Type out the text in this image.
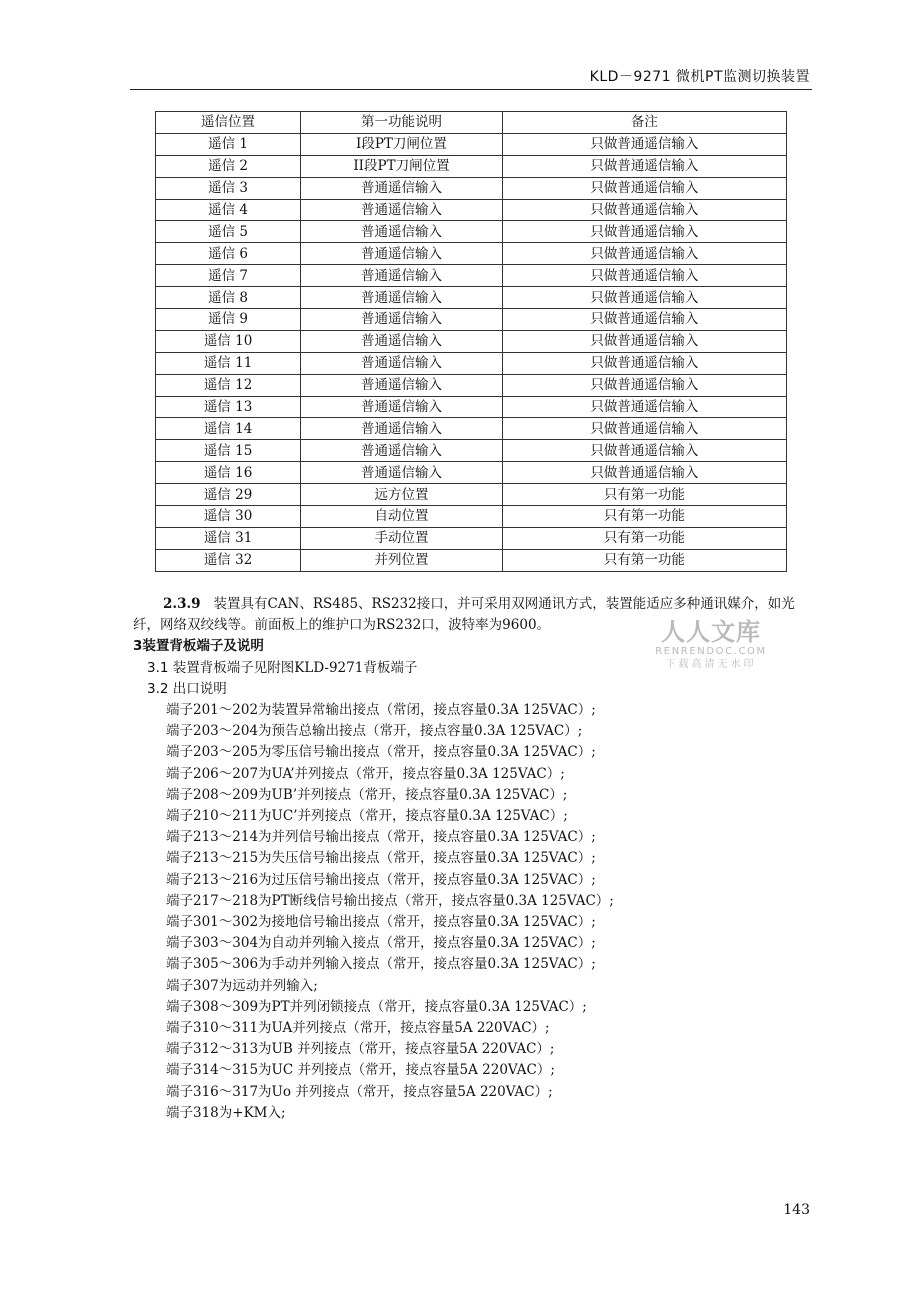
KLD－9271 微机PT监测切换装置
遥信位置	第一功能说明	备注
遥信 1	I段PT刀闸位置	只做普通遥信输入
遥信 2	II段PT刀闸位置	只做普通遥信输入
遥信 3	普通遥信输入	只做普通遥信输入
遥信 4	普通遥信输入	只做普通遥信输入
遥信 5	普通遥信输入	只做普通遥信输入
遥信 6	普通遥信输入	只做普通遥信输入
遥信 7	普通遥信输入	只做普通遥信输入
遥信 8	普通遥信输入	只做普通遥信输入
遥信 9	普通遥信输入	只做普通遥信输入
遥信 10	普通遥信输入	只做普通遥信输入
遥信 11	普通遥信输入	只做普通遥信输入
遥信 12	普通遥信输入	只做普通遥信输入
遥信 13	普通遥信输入	只做普通遥信输入
遥信 14	普通遥信输入	只做普通遥信输入
遥信 15	普通遥信输入	只做普通遥信输入
遥信 16	普通遥信输入	只做普通遥信输入
遥信 29	远方位置	只有第一功能
遥信 30	自动位置	只有第一功能
遥信 31	手动位置	只有第一功能
遥信 32	并列位置	只有第一功能

2.3.9 装置具有CAN、RS485、RS232接口，并可采用双网通讯方式，装置能适应多种通讯媒介，如光纤，网络双绞线等。前面板上的维护口为RS232口，波特率为9600。

3装置背板端子及说明

3.1 装置背板端子见附图KLD-9271背板端子

3.2 出口说明

端子201～202为装置异常输出接点（常闭，接点容量0.3A 125VAC）;

端子203～204为预告总输出接点（常开，接点容量0.3A 125VAC）;

端子203～205为零压信号输出接点（常开，接点容量0.3A 125VAC）;

端子206～207为UA’并列接点（常开，接点容量0.3A 125VAC）;

端子208～209为UB’并列接点（常开，接点容量0.3A 125VAC）;

端子210～211为UC’并列接点（常开，接点容量0.3A 125VAC）;

端子213～214为并列信号输出接点（常开，接点容量0.3A 125VAC）;

端子213～215为失压信号输出接点（常开，接点容量0.3A 125VAC）;

端子213～216为过压信号输出接点（常开，接点容量0.3A 125VAC）;

端子217～218为PT断线信号输出接点（常开，接点容量0.3A 125VAC）;

端子301～302为接地信号输出接点（常开，接点容量0.3A 125VAC）;

端子303～304为自动并列输入接点（常开，接点容量0.3A 125VAC）;

端子305～306为手动并列输入接点（常开，接点容量0.3A 125VAC）;

端子307为远动并列输入;

端子308～309为PT并列闭锁接点（常开，接点容量0.3A 125VAC）;

端子310～311为UA并列接点（常开，接点容量5A 220VAC）;

端子312～313为UB 并列接点（常开，接点容量5A 220VAC）;

端子314～315为UC 并列接点（常开，接点容量5A 220VAC）;

端子316～317为Uo 并列接点（常开，接点容量5A 220VAC）;

端子318为+KM入;

人人文库
RENRENDOC.COM
下载高清无水印
143
